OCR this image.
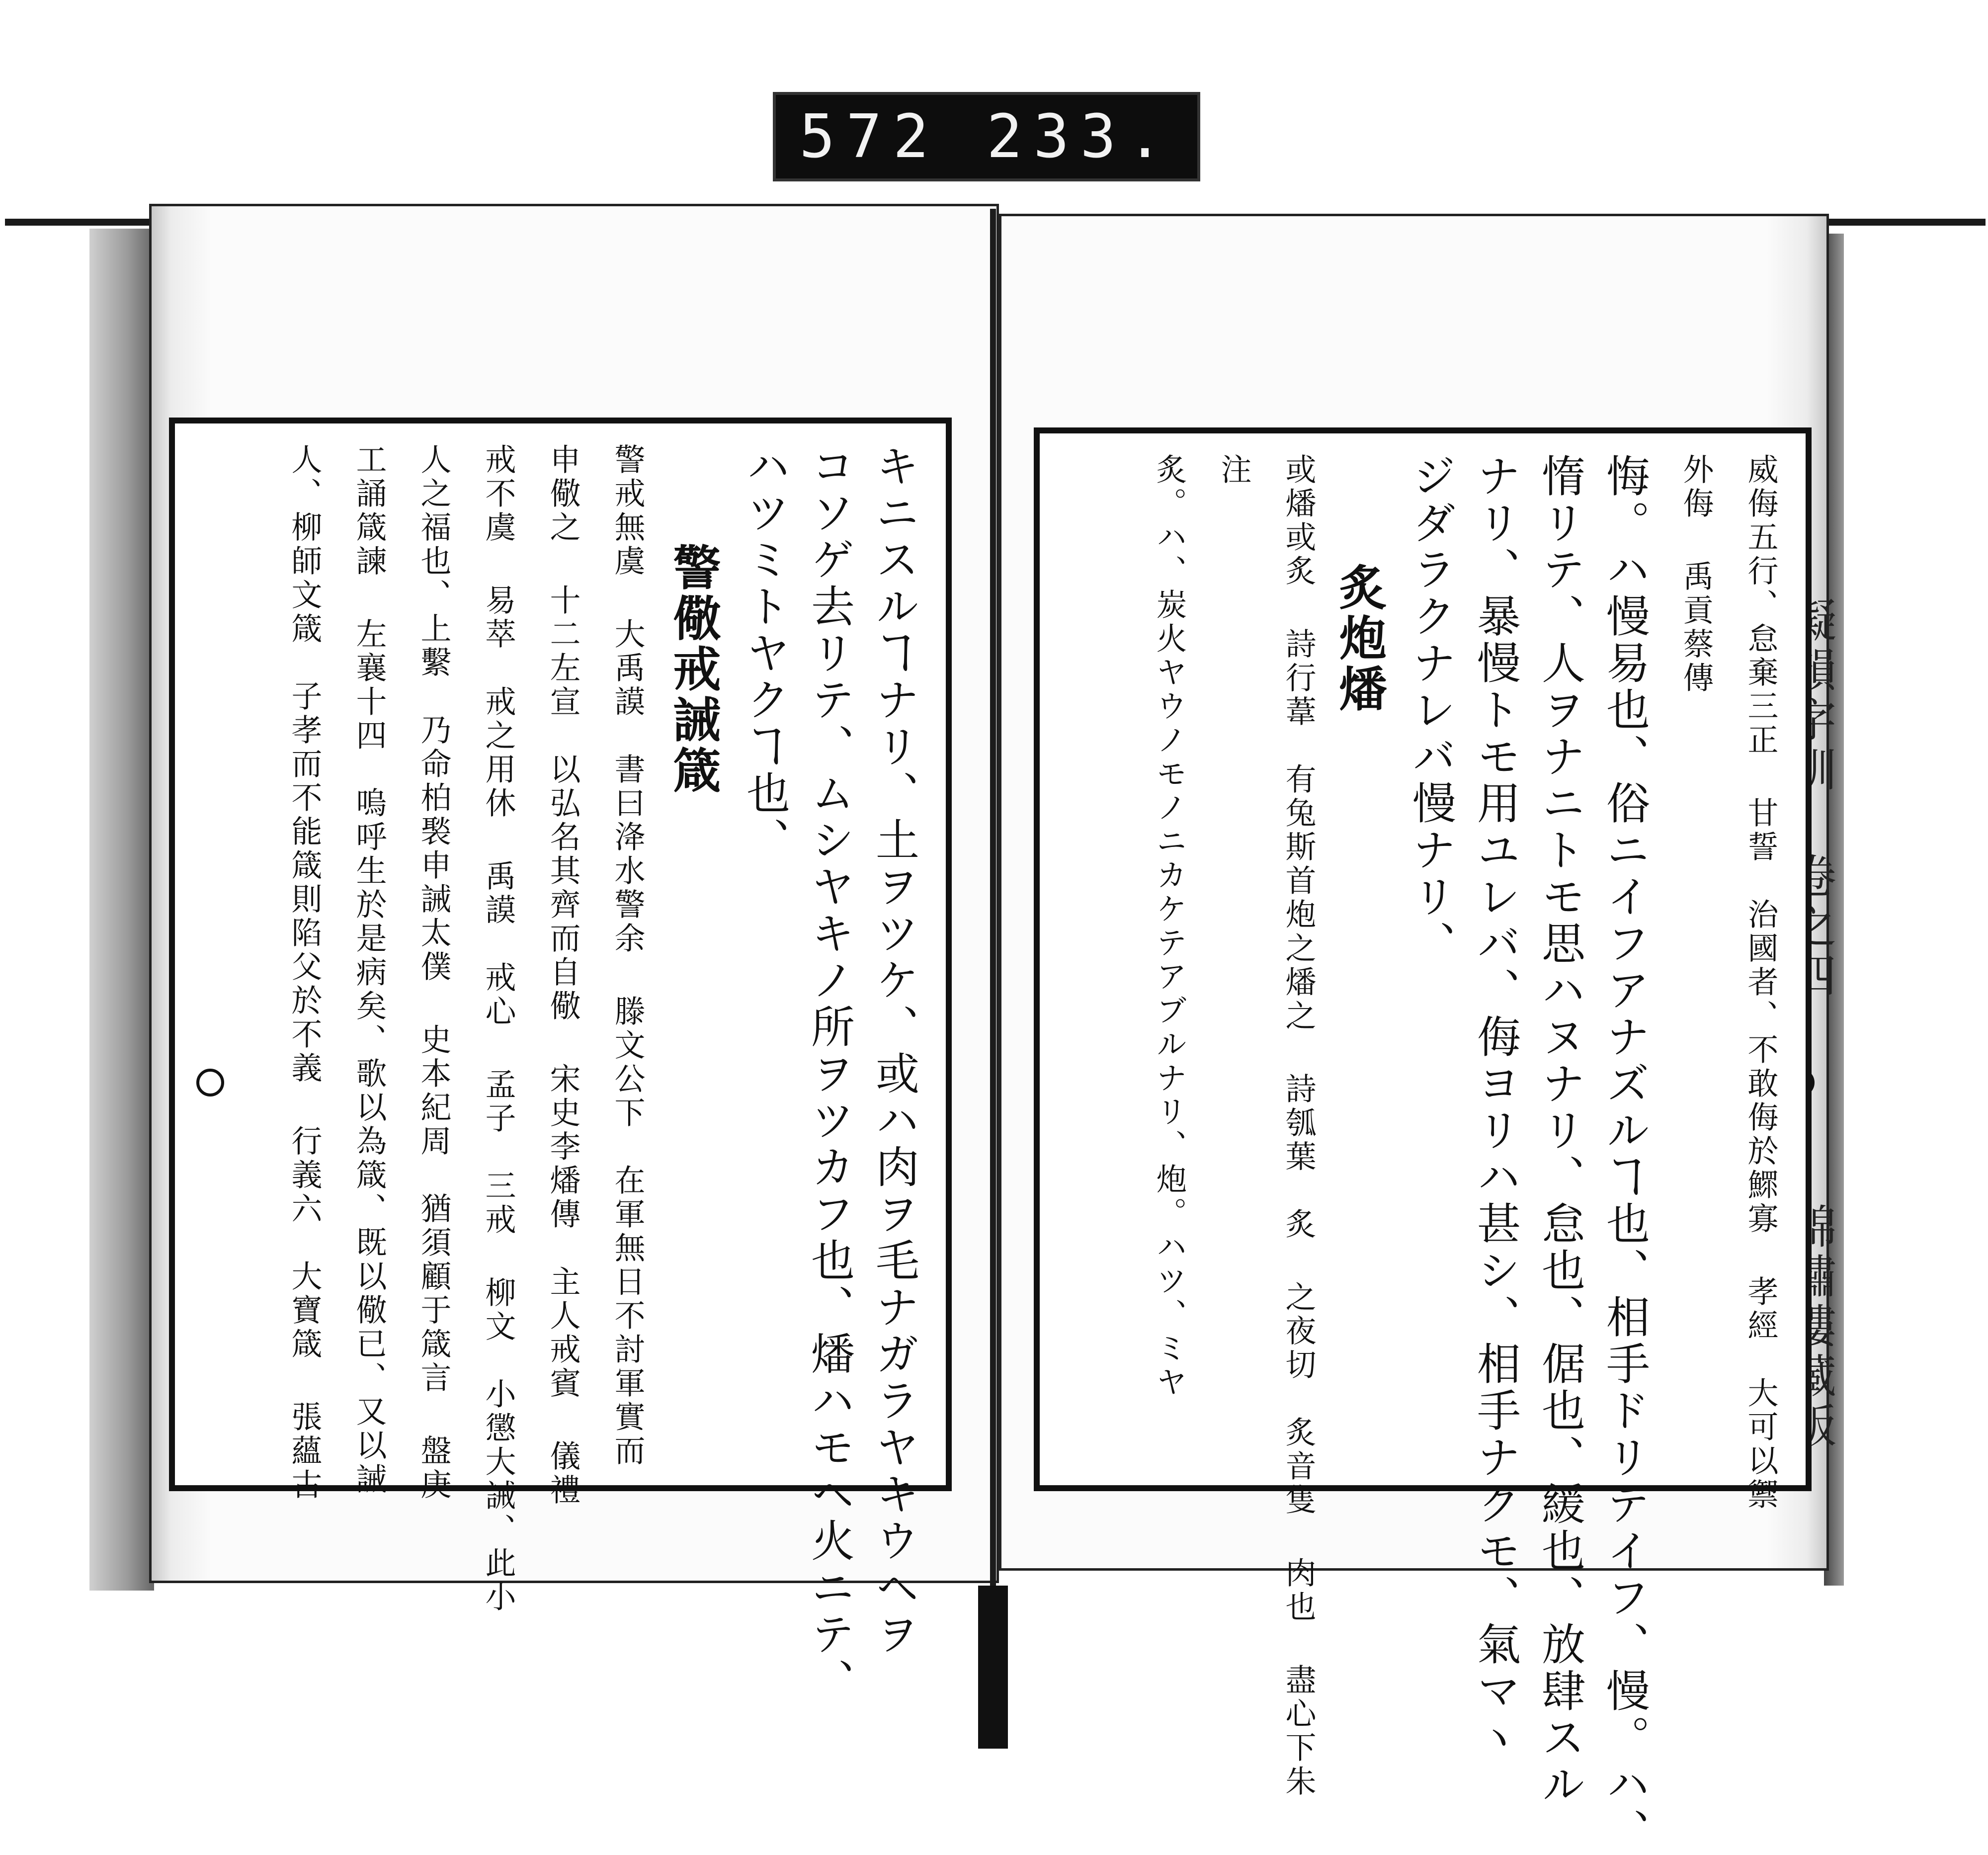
572 233.
キニスルヿナリ、土ヲツケ、或ハ肉ヲ毛ナガラヤキウヘヲ
コソゲ去リテ、ムシヤキノ所ヲツカフ也、燔ハモヘ火ニテ、
ハツミトヤクヿ也、
警儆戒誡箴
警戒無虞 大禹謨　書曰洚水警余 滕文公下　在軍無日不討軍實而
申儆之 十二左宣　以弘名其齊而自儆 宋史李燔傳　主人戒賓 儀禮
戒不虞 易萃　戒之用休 禹謨　戒心 孟子　三戒 柳文　小懲大誡、此小
人之福也、上繫　乃命柏褧申誡太僕 史本紀周　猶須顧于箴言 盤庚
工誦箴諫 左襄十四　嗚呼生於是病矣、歌以為箴、既以儆已、又以誡
人、柳師文箴　子孝而不能箴則陷父於不義 行義六　大寶箴 張蘊古	威侮五行、怠棄三正 甘誓　治國者、不敢侮於鰥寡 孝經　大可以禦
外侮 禹貢蔡傳
悔。ハ慢易也、俗ニイフアナズルヿ也、相手ドリテイフ、慢。ハ、
惰リテ、人ヲナニトモ思ハヌナリ、怠也、倨也、緩也、放肆スル
ナリ、暴慢トモ用ユレバ、侮ヨリハ甚シ、相手ナクモ、氣マヽ
ジダラクナレバ慢ナリ、
炙炮燔
或燔或炙 詩行葦　有兔斯首炮之燔之 詩瓠葉　炙 之夜切　炙音隻 肉也 盡心下朱
注
炙。ハ、炭火ヤウノモノニカケテアブルナリ、炮。ハツ、ミヤ
